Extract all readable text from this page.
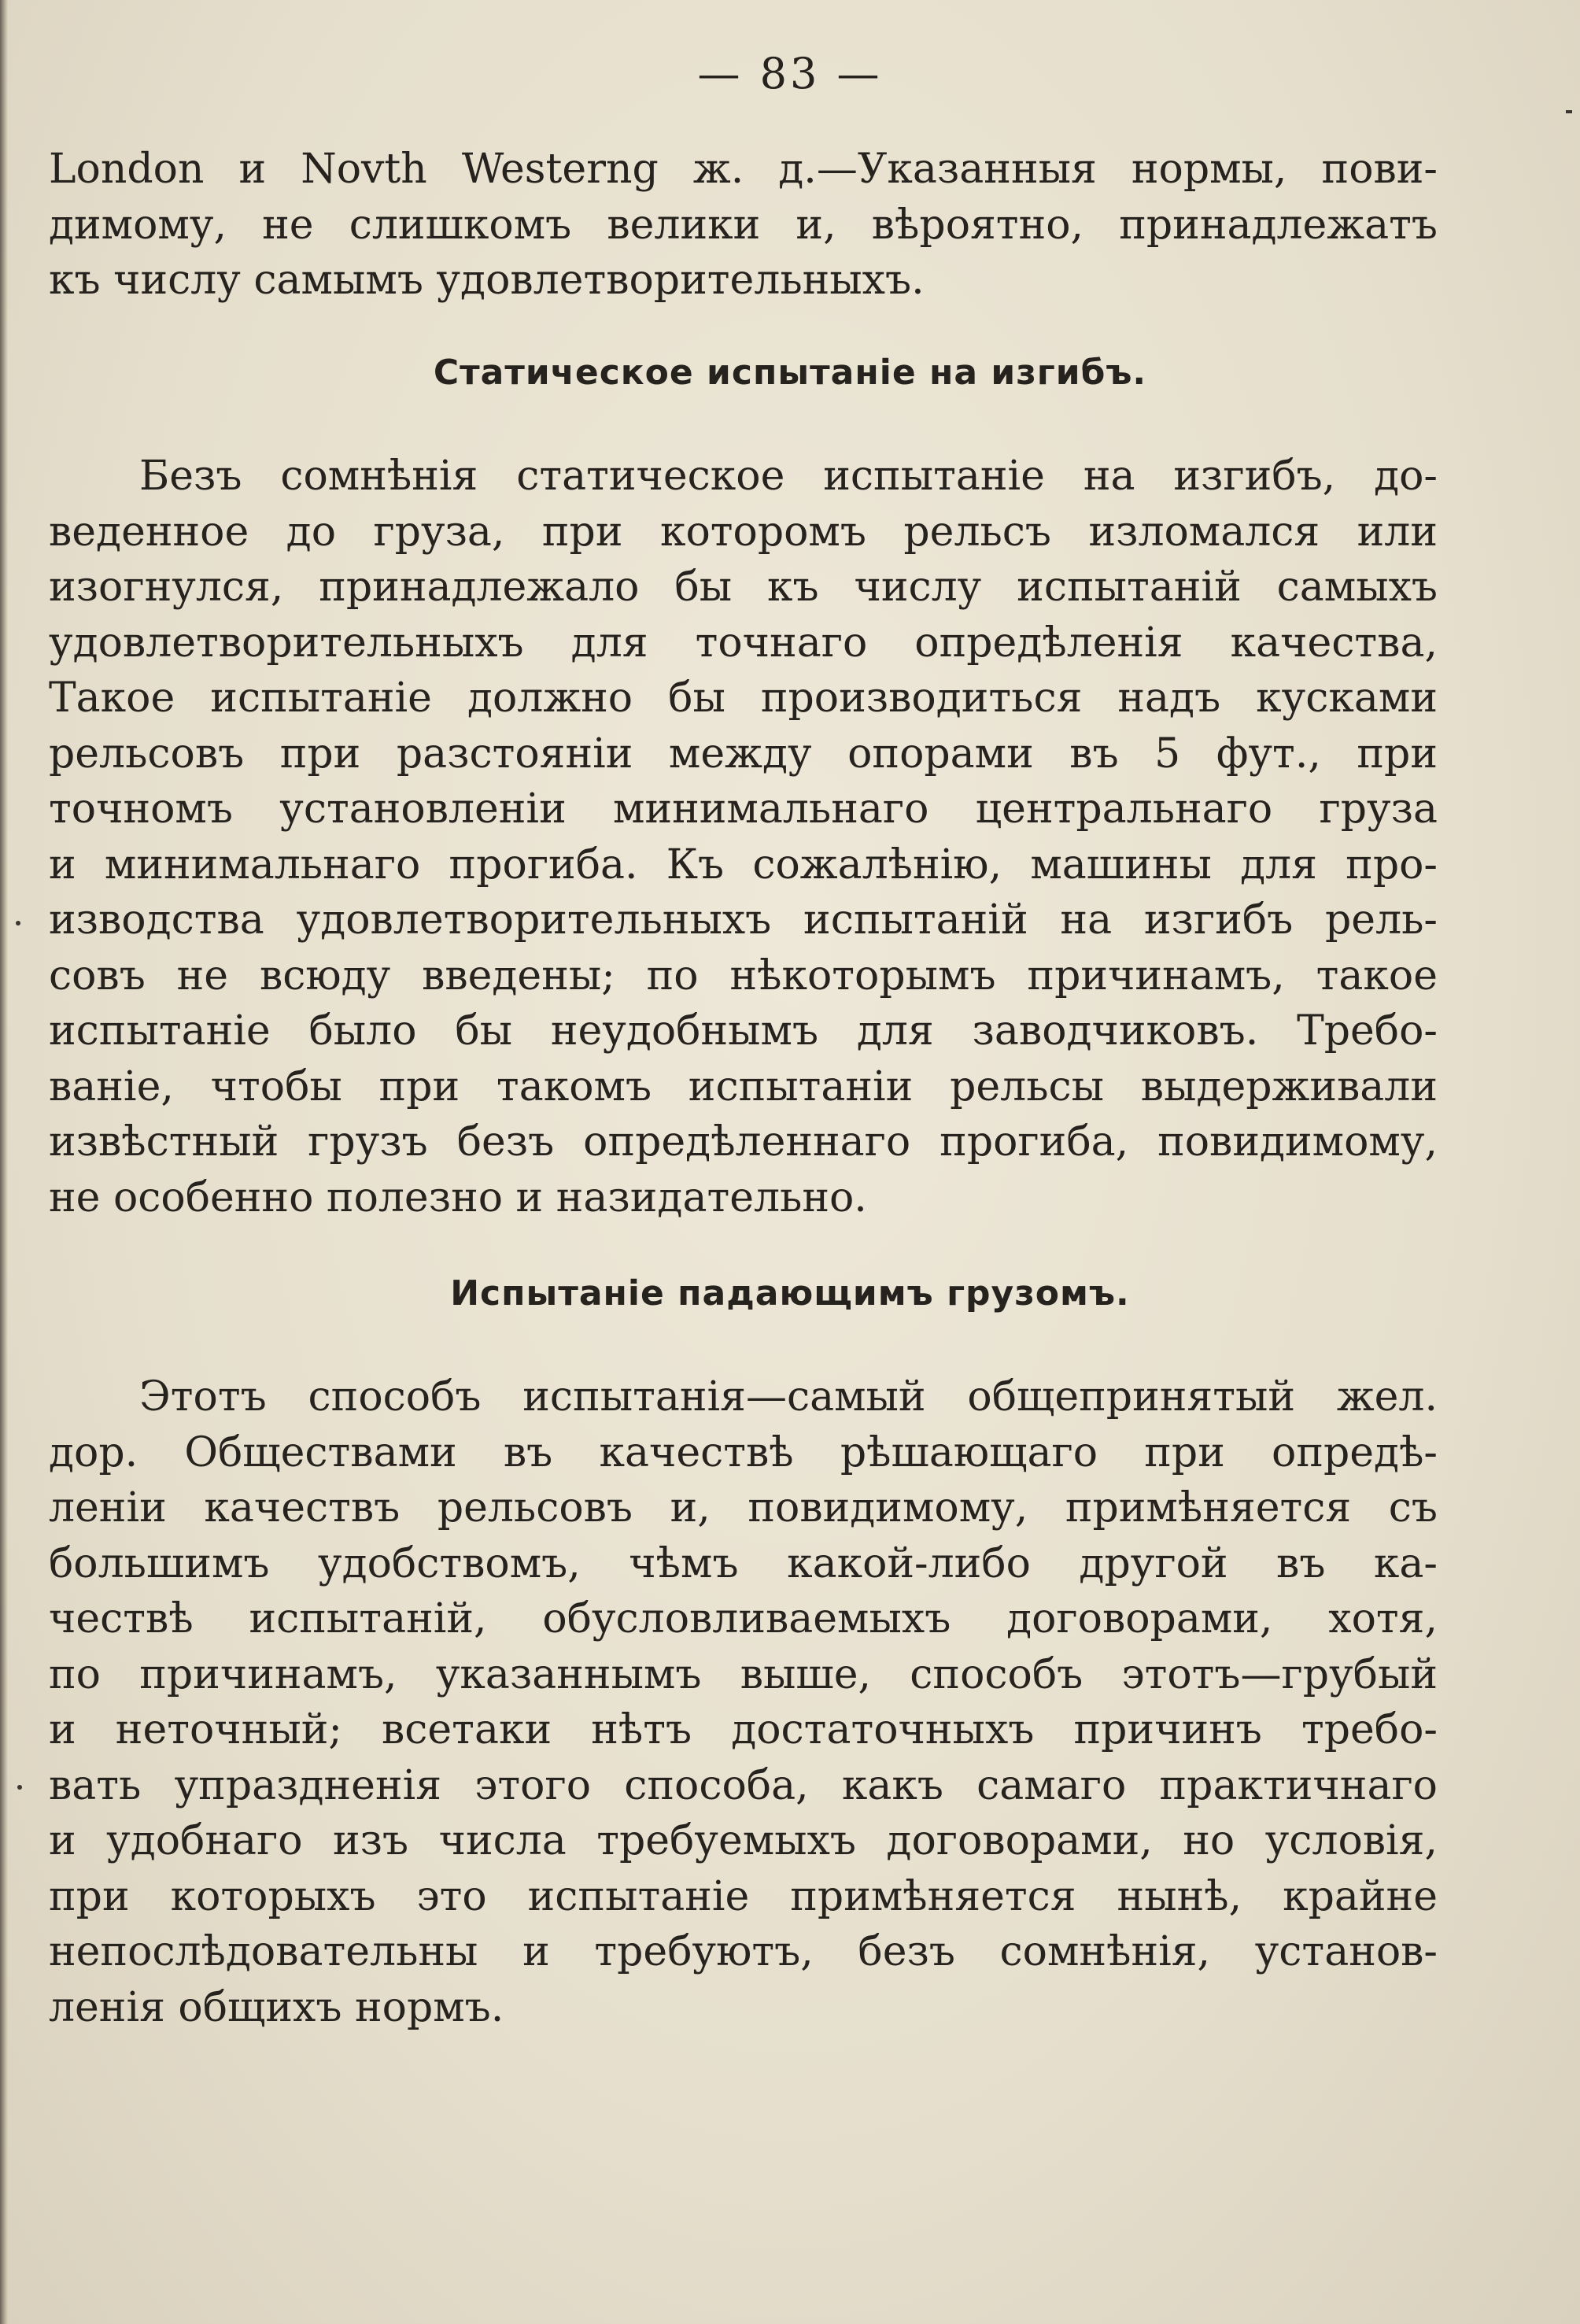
— 83 —
London и Novth Westerng ж. д.—Указанныя нормы, пови-
димому, не слишкомъ велики и, вѣроятно, принадлежатъ
къ числу самымъ удовлетворительныхъ.
Статическое испытаніе на изгибъ.
Безъ сомнѣнія статическое испытаніе на изгибъ, до-
веденное до груза, при которомъ рельсъ изломался или
изогнулся, принадлежало бы къ числу испытаній самыхъ
удовлетворительныхъ для точнаго опредѣленія качества,
Такое испытаніе должно бы производиться надъ кусками
рельсовъ при разстояніи между опорами въ 5 фут., при
точномъ установленіи минимальнаго центральнаго груза
и минимальнаго прогиба. Къ сожалѣнію, машины для про-
изводства удовлетворительныхъ испытаній на изгибъ рель-
совъ не всюду введены; по нѣкоторымъ причинамъ, такое
испытаніе было бы неудобнымъ для заводчиковъ. Требо-
ваніе, чтобы при такомъ испытаніи рельсы выдерживали
извѣстный грузъ безъ опредѣленнаго прогиба, повидимому,
не особенно полезно и назидательно.
Испытаніе падающимъ грузомъ.
Этотъ способъ испытанія—самый общепринятый жел.
дор. Обществами въ качествѣ рѣшающаго при опредѣ-
леніи качествъ рельсовъ и, повидимому, примѣняется съ
большимъ удобствомъ, чѣмъ какой-либо другой въ ка-
чествѣ испытаній, обусловливаемыхъ договорами, хотя,
по причинамъ, указаннымъ выше, способъ этотъ—грубый
и неточный; всетаки нѣтъ достаточныхъ причинъ требо-
вать упраздненія этого способа, какъ самаго практичнаго
и удобнаго изъ числа требуемыхъ договорами, но условія,
при которыхъ это испытаніе примѣняется нынѣ, крайне
непослѣдовательны и требуютъ, безъ сомнѣнія, установ-
ленія общихъ нормъ.
